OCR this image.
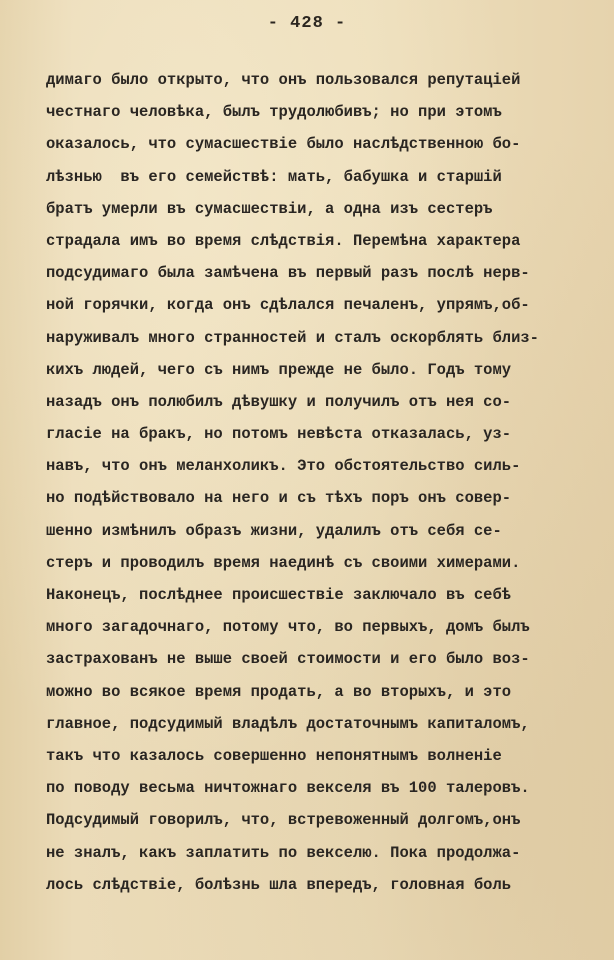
- 428 -
димаго было открыто, что онъ пользовался репутацiей
честнаго человѣка, былъ трудолюбивъ; но при этомъ
оказалось, что сумасшествiе было наслѣдственною бо-
лѣзнью  въ его семействѣ: мать, бабушка и старшiй
братъ умерли въ сумасшествiи, а одна изъ сестеръ
страдала имъ во время слѣдствiя. Перемѣна характера
подсудимаго была замѣчена въ первый разъ послѣ нерв-
ной горячки, когда онъ сдѣлался печаленъ, упрямъ,об-
наруживалъ много странностей и сталъ оскорблять близ-
кихъ людей, чего съ нимъ прежде не было. Годъ тому
назадъ онъ полюбилъ дѣвушку и получилъ отъ нея со-
гласiе на бракъ, но потомъ невѣста отказалась, уз-
навъ, что онъ меланхоликъ. Это обстоятельство силь-
но подѣйствовало на него и съ тѣхъ поръ онъ совер-
шенно измѣнилъ образъ жизни, удалилъ отъ себя се-
стеръ и проводилъ время наединѣ съ своими химерами.
Наконецъ, послѣднее происшествiе заключало въ себѣ
много загадочнаго, потому что, во первыхъ, домъ былъ
застрахованъ не выше своей стоимости и его было воз-
можно во всякое время продать, а во вторыхъ, и это
главное, подсудимый владѣлъ достаточнымъ капиталомъ,
такъ что казалось совершенно непонятнымъ волненiе
по поводу весьма ничтожнаго векселя въ 100 талеровъ.
Подсудимый говорилъ, что, встревоженный долгомъ,онъ
не зналъ, какъ заплатить по векселю. Пока продолжа-
лось слѣдствiе, болѣзнь шла впередъ, головная боль
